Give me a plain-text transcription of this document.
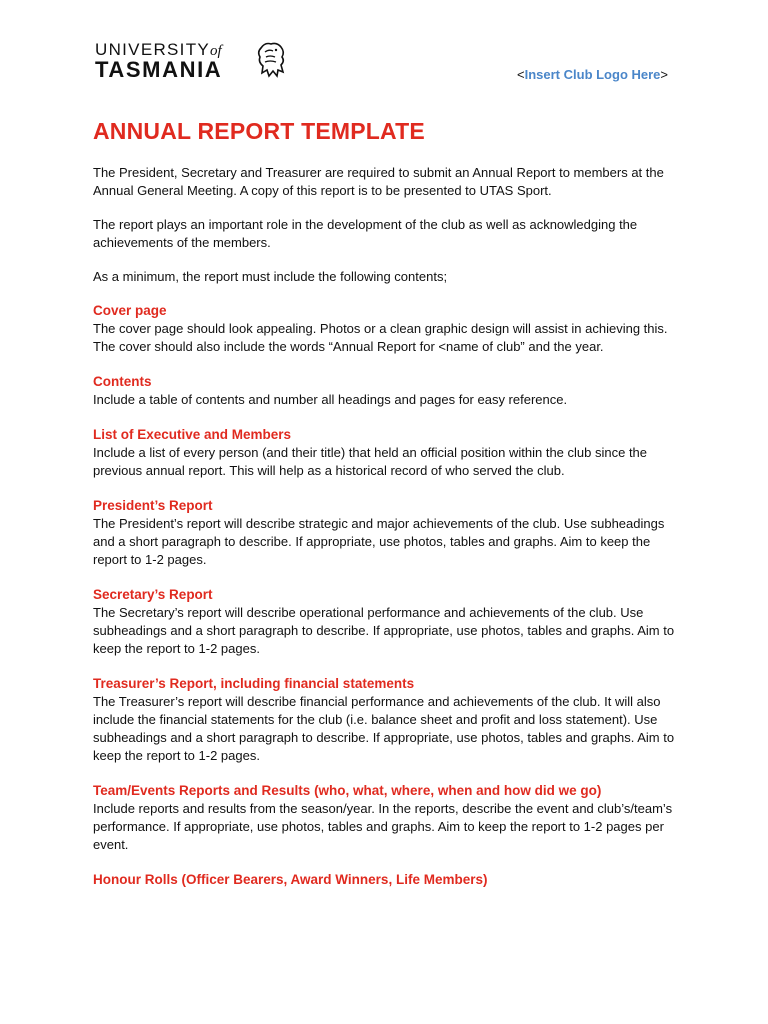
UNIVERSITYof
TASMANIA	<Insert Club Logo Here>
ANNUAL REPORT TEMPLATE

The President, Secretary and Treasurer are required to submit an Annual Report to members at the Annual General Meeting. A copy of this report is to be presented to UTAS Sport.

The report plays an important role in the development of the club as well as acknowledging the achievements of the members.

As a minimum, the report must include the following contents;

Cover page

The cover page should look appealing. Photos or a clean graphic design will assist in achieving this. The cover should also include the words “Annual Report for <name of club” and the year.

Contents

Include a table of contents and number all headings and pages for easy reference.

List of Executive and Members

Include a list of every person (and their title) that held an official position within the club since the previous annual report. This will help as a historical record of who served the club.

President’s Report

The President’s report will describe strategic and major achievements of the club. Use subheadings and a short paragraph to describe. If appropriate, use photos, tables and graphs. Aim to keep the report to 1-2 pages.

Secretary’s Report

The Secretary’s report will describe operational performance and achievements of the club. Use subheadings and a short paragraph to describe. If appropriate, use photos, tables and graphs. Aim to keep the report to 1-2 pages.

Treasurer’s Report, including financial statements

The Treasurer’s report will describe financial performance and achievements of the club. It will also include the financial statements for the club (i.e. balance sheet and profit and loss statement). Use subheadings and a short paragraph to describe. If appropriate, use photos, tables and graphs. Aim to keep the report to 1-2 pages.

Team/Events Reports and Results (who, what, where, when and how did we go)

Include reports and results from the season/year. In the reports, describe the event and club’s/team’s performance. If appropriate, use photos, tables and graphs. Aim to keep the report to 1-2 pages per event.

Honour Rolls (Officer Bearers, Award Winners, Life Members)
